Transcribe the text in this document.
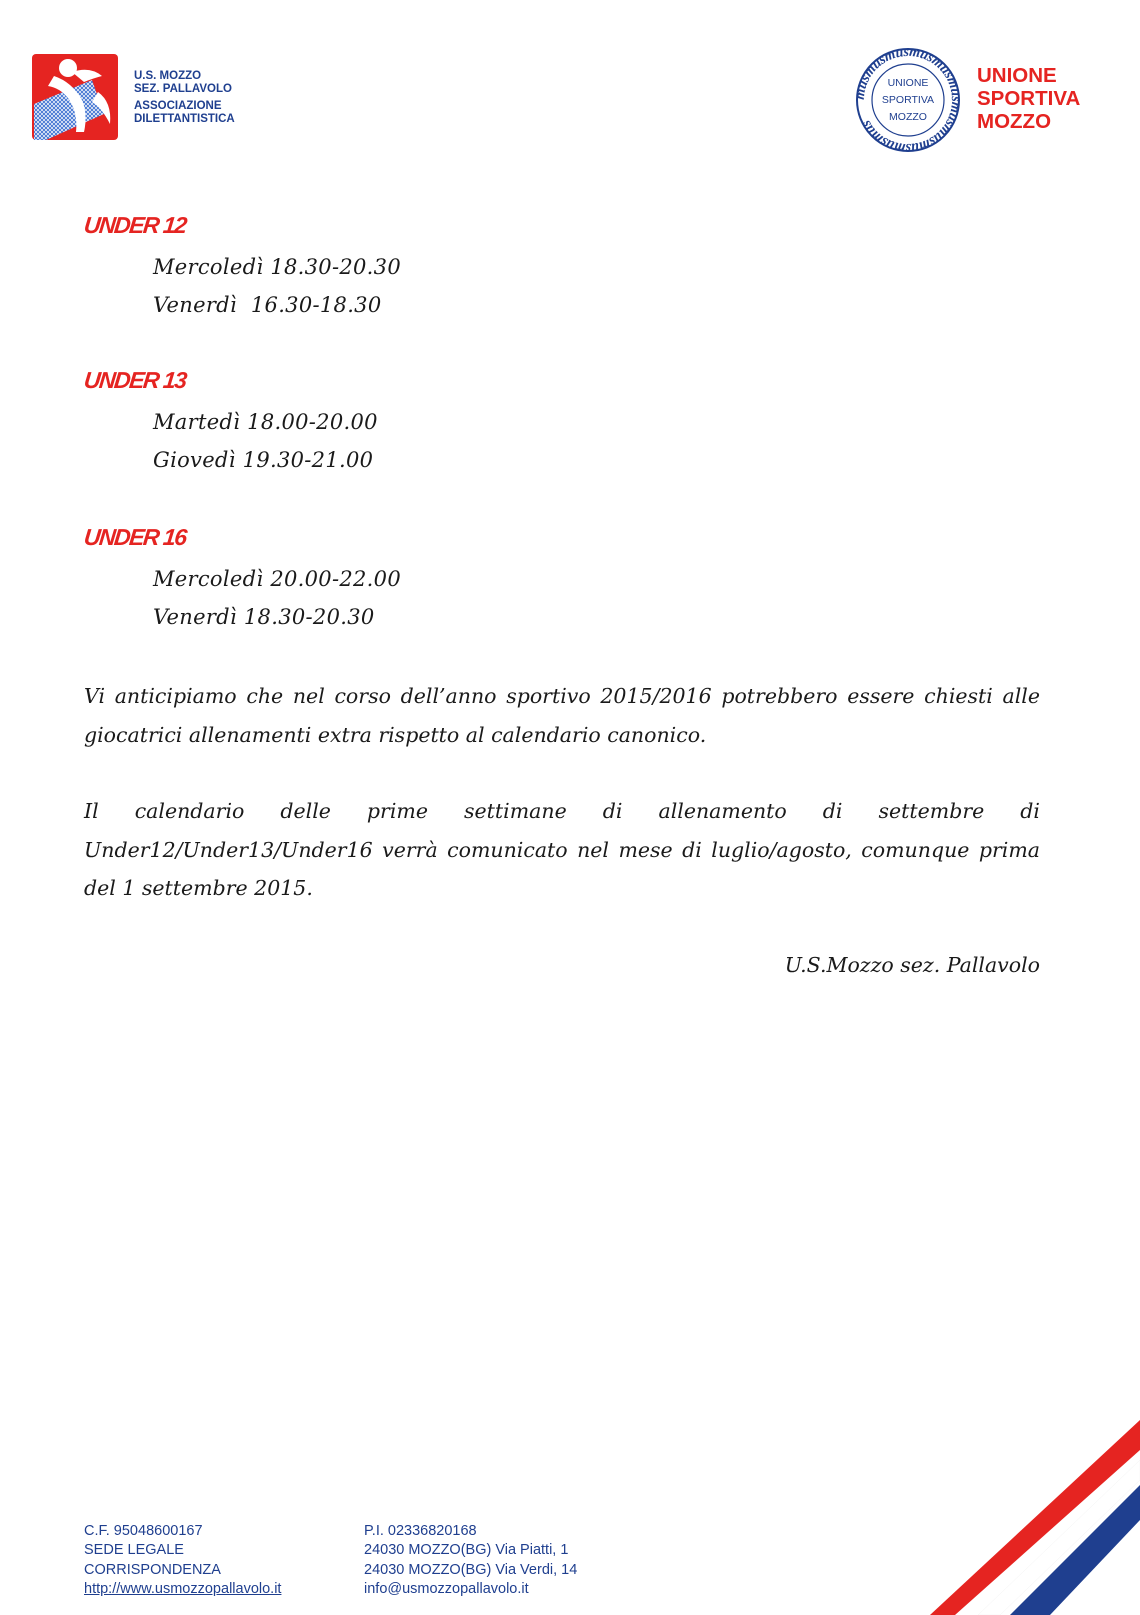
U.S. MOZZO
SEZ. PALLAVOLO
ASSOCIAZIONE
DILETTANTISTICA
musmusmusmusmusmusmusmusmusmusmus
UNIONE
SPORTIVA
MOZZO
UNIONE
SPORTIVA
MOZZO
UNDER 12
Mercoledì 18.30-20.30
Venerdì  16.30-18.30
UNDER 13
Martedì 18.00-20.00
Giovedì 19.30-21.00
UNDER 16
Mercoledì 20.00-22.00
Venerdì 18.30-20.30
Vi anticipiamo che nel corso dell’anno sportivo 2015/2016 potrebbero essere chiesti alle giocatrici allenamenti extra rispetto al calendario canonico.
Il calendario delle prime settimane di allenamento di settembre di Under12/Under13/Under16 verrà comunicato nel mese di luglio/agosto, comunque prima del 1 settembre 2015.
U.S.Mozzo sez. Pallavolo
C.F. 95048600167
SEDE LEGALE
CORRISPONDENZA
http://www.usmozzopallavolo.it
P.I. 02336820168
24030 MOZZO(BG) Via Piatti, 1
24030 MOZZO(BG) Via Verdi, 14
info@usmozzopallavolo.it
